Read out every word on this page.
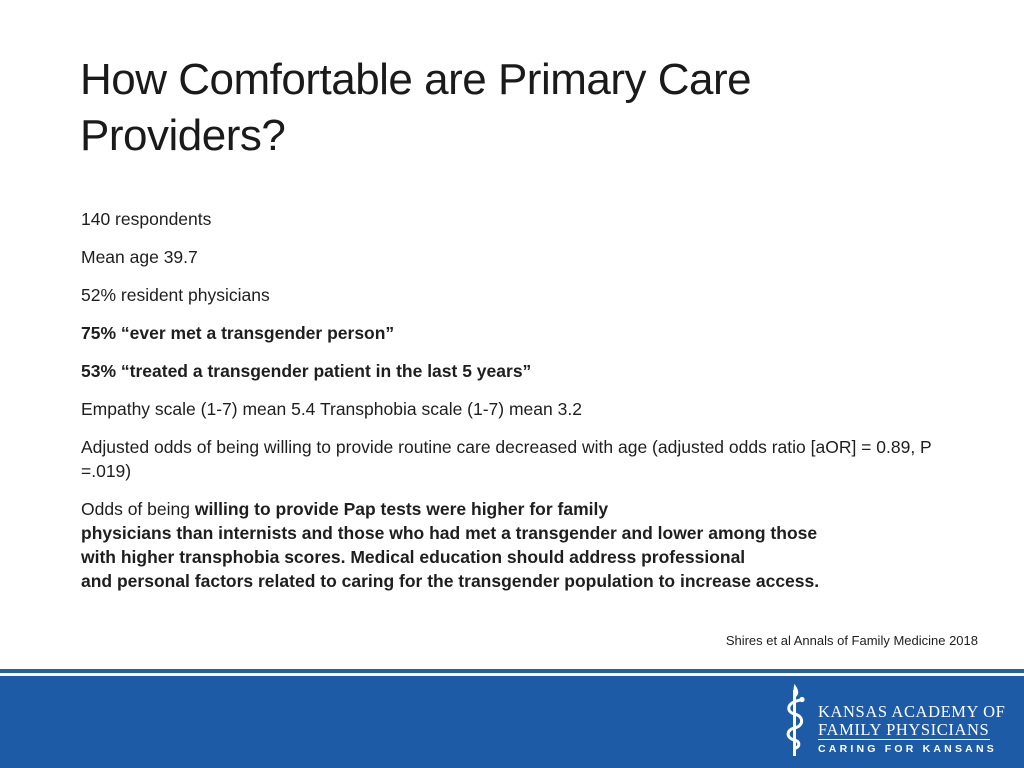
How Comfortable are Primary Care Providers?

140 respondents

Mean age 39.7

52% resident physicians

75% “ever met a transgender person”

53% “treated a transgender patient in the last 5 years”

Empathy scale (1-7) mean 5.4 Transphobia scale (1-7) mean 3.2

Adjusted odds of being willing to provide routine care decreased with age (adjusted odds ratio [aOR] = 0.89, P =.019)

Odds of being willing to provide Pap tests were higher for family
physicians than internists and those who had met a transgender and lower among those
with higher transphobia scores. Medical education should address professional
and personal factors related to caring for the transgender population to increase access.

Shires et al Annals of Family Medicine 2018
KANSAS ACADEMY OF
FAMILY PHYSICIANS
CARING FOR KANSANS
